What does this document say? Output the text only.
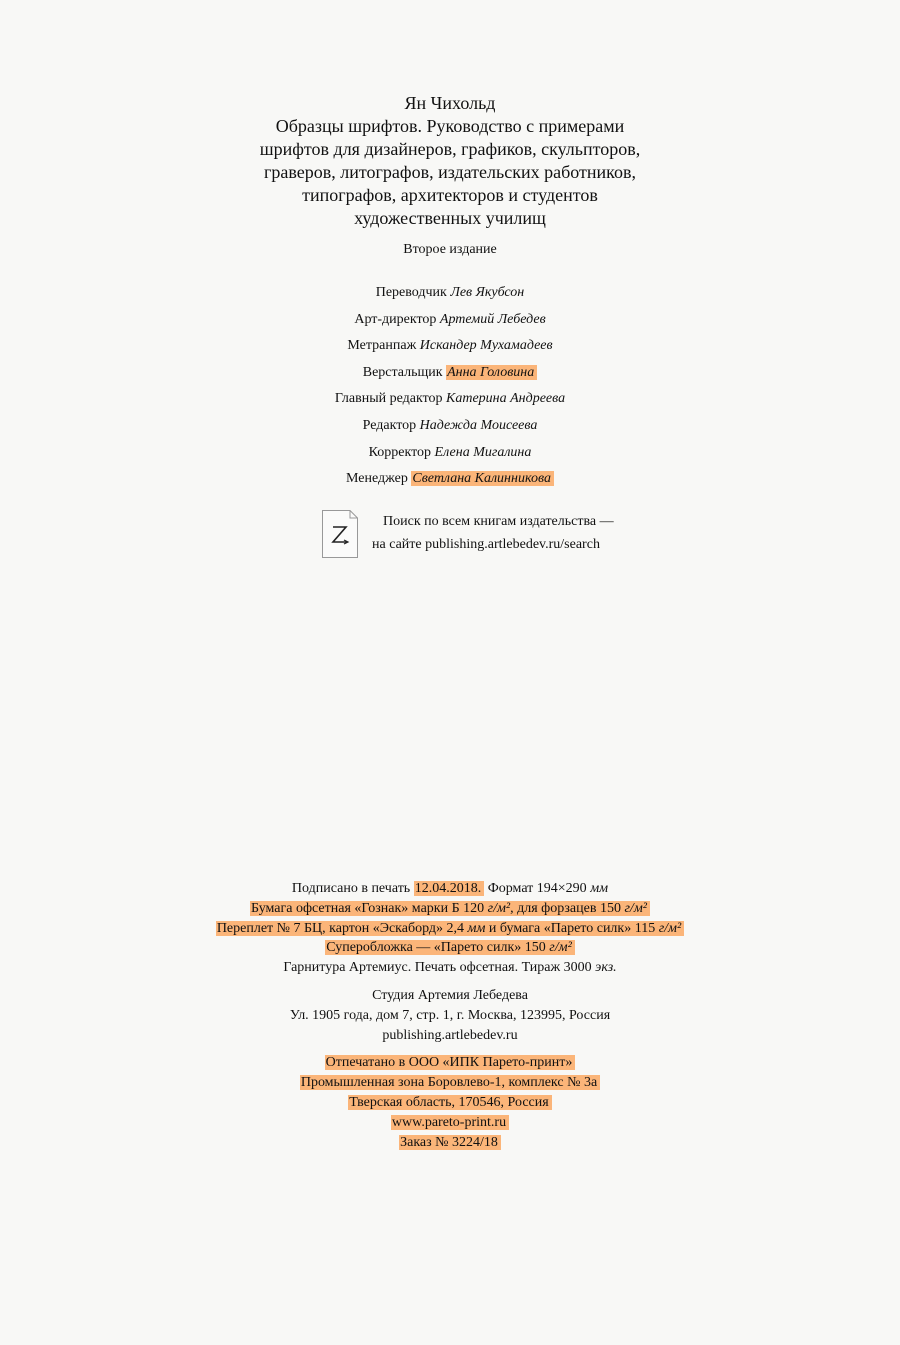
Ян Чихольд
Образцы шрифтов. Руководство с примерами
шрифтов для дизайнеров, графиков, скульпторов,
граверов, литографов, издательских работников,
типографов, архитекторов и студентов
художественных училищ
Второе издание
Переводчик Лев Якубсон
Арт-директор Артемий Лебедев
Метранпаж Искандер Мухамадеев
Верстальщик Анна Головина
Главный редактор Катерина Андреева
Редактор Надежда Моисеева
Корректор Елена Мигалина
Менеджер Светлана Калинникова
Поиск по всем книгам издательства —
на сайте publishing.artlebedev.ru/search
Подписано в печать 12.04.2018. Формат 194×290 мм
Бумага офсетная «Гознак» марки Б 120 г/м², для форзацев 150 г/м²
Переплет № 7 БЦ, картон «Эскаборд» 2,4 мм и бумага «Парето силк» 115 г/м²
Суперобложка — «Парето силк» 150 г/м²
Гарнитура Артемиус. Печать офсетная. Тираж 3000 экз.
Студия Артемия Лебедева
Ул. 1905 года, дом 7, стр. 1, г. Москва, 123995, Россия
publishing.artlebedev.ru
Отпечатано в ООО «ИПК Парето-принт»
Промышленная зона Боровлево-1, комплекс № 3а
Тверская область, 170546, Россия
www.pareto-print.ru
Заказ № 3224/18
